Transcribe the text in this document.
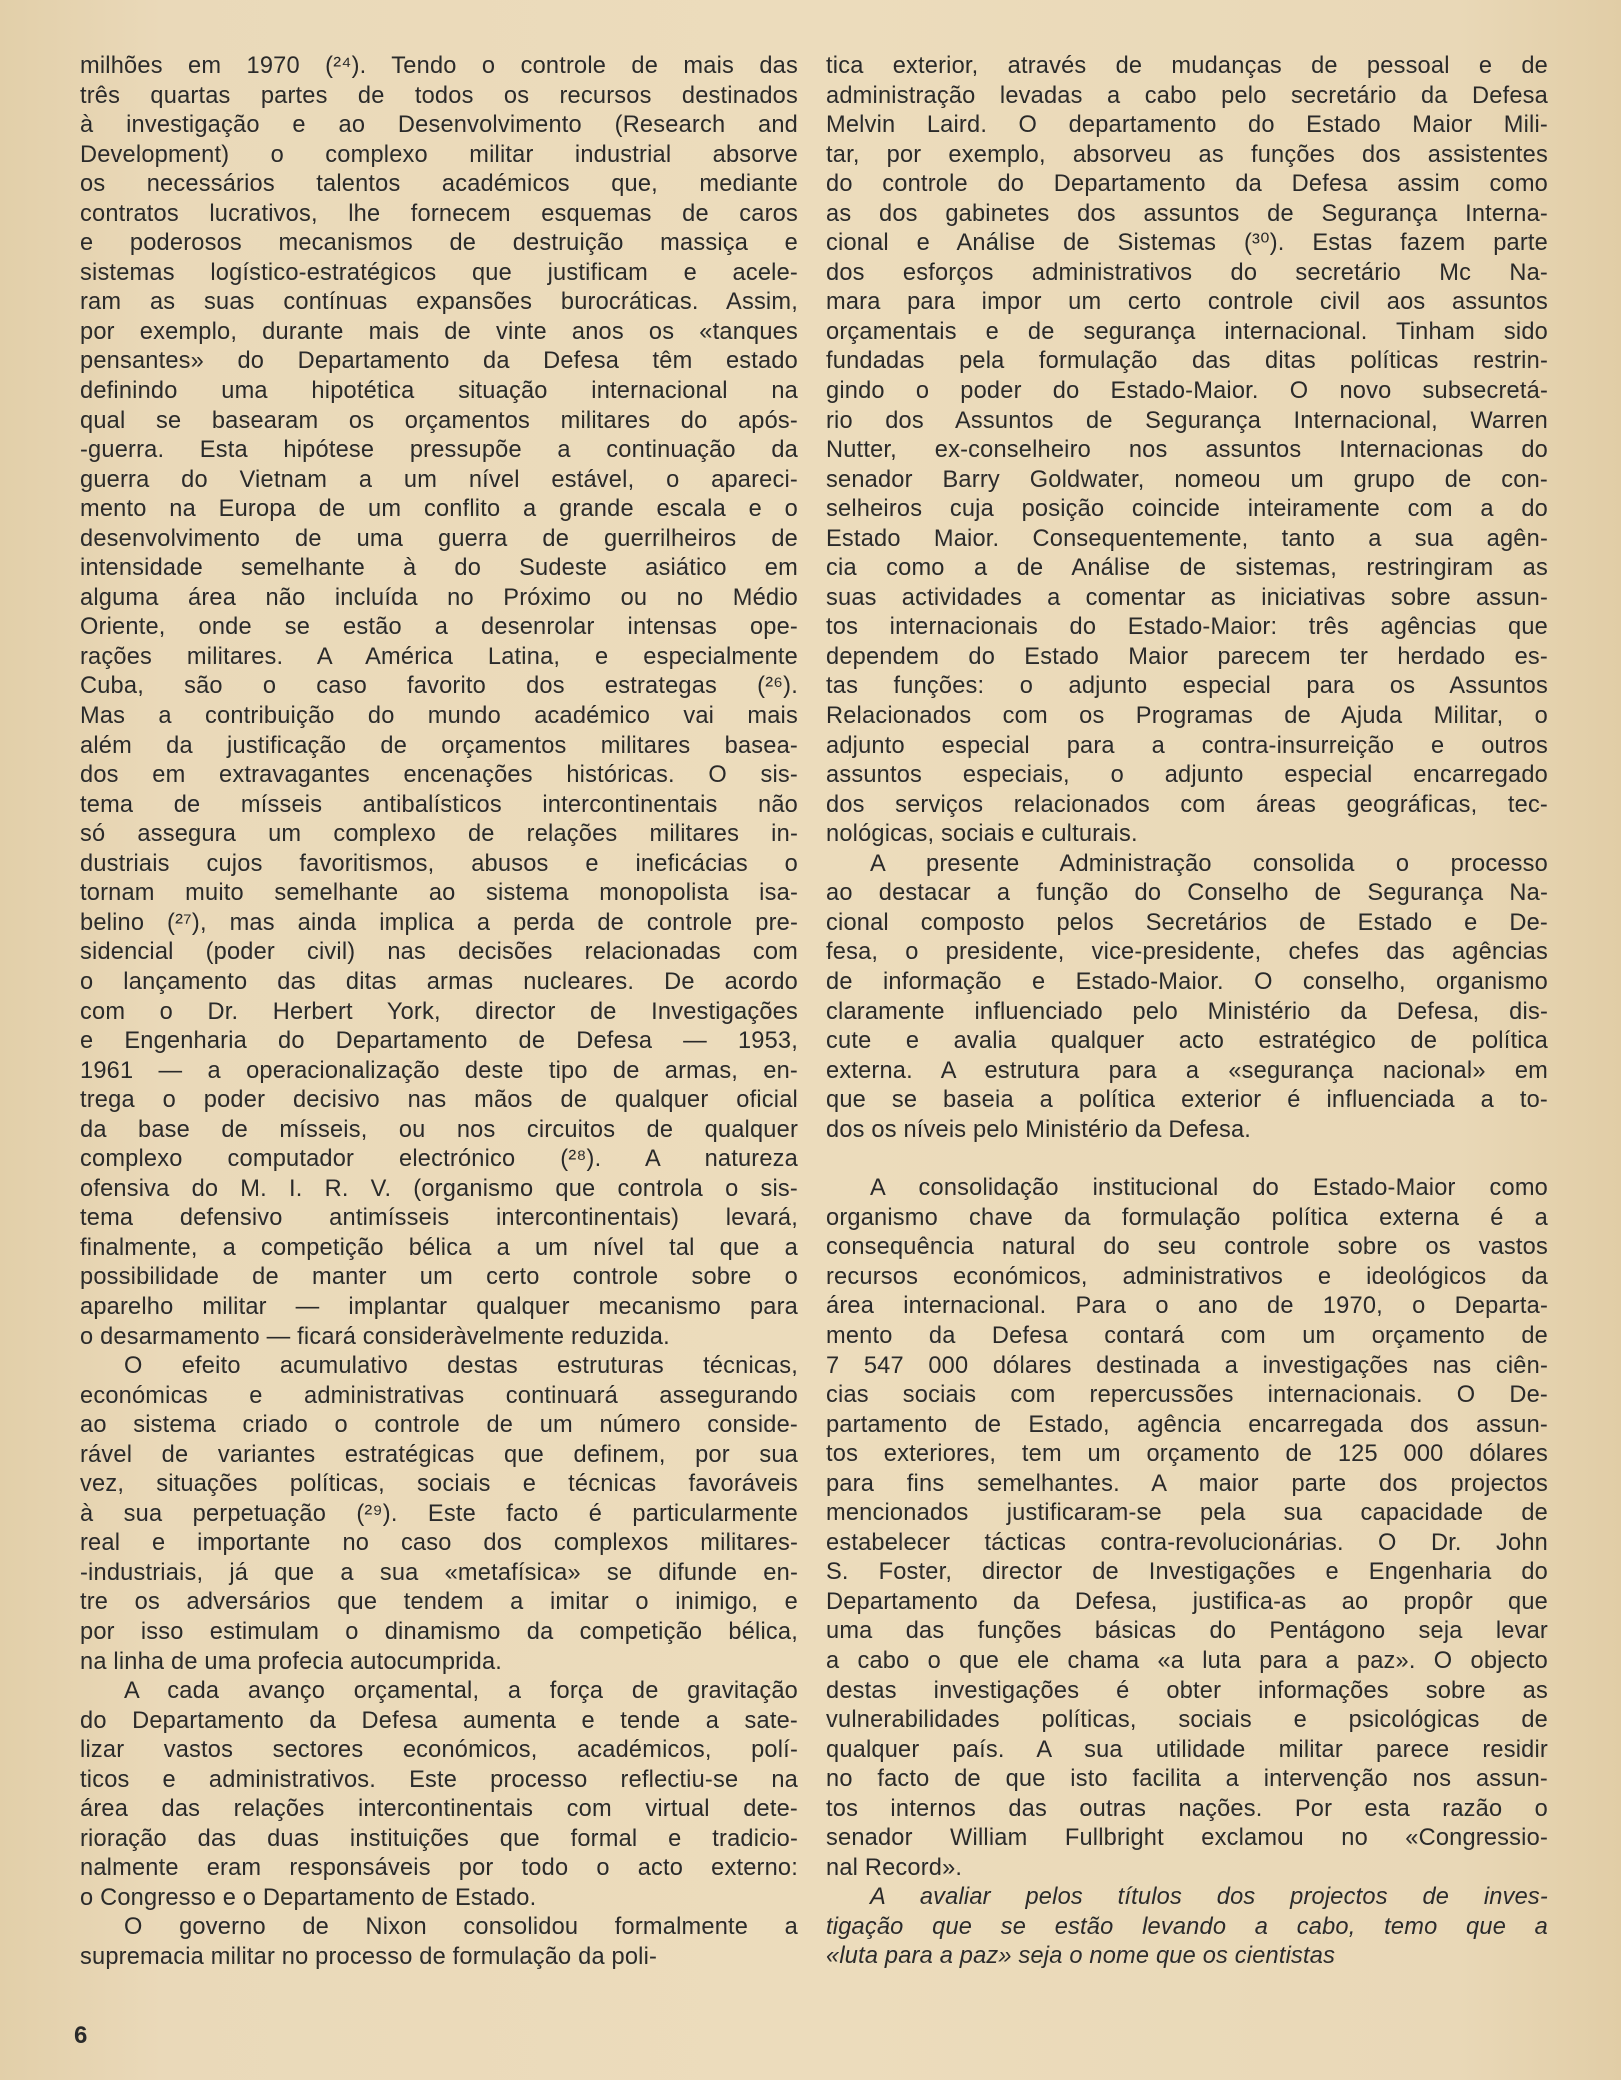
milhões em 1970 (²⁴). Tendo o controle de mais das

três quartas partes de todos os recursos destinados

à investigação e ao Desenvolvimento (Research and

Development) o complexo militar industrial absorve

os necessários talentos académicos que, mediante

contratos lucrativos, lhe fornecem esquemas de caros

e poderosos mecanismos de destruição massiça e

sistemas logístico-estratégicos que justificam e acele-

ram as suas contínuas expansões burocráticas. Assim,

por exemplo, durante mais de vinte anos os «tanques

pensantes» do Departamento da Defesa têm estado

definindo uma hipotética situação internacional na

qual se basearam os orçamentos militares do após-

-guerra. Esta hipótese pressupõe a continuação da

guerra do Vietnam a um nível estável, o apareci-

mento na Europa de um conflito a grande escala e o

desenvolvimento de uma guerra de guerrilheiros de

intensidade semelhante à do Sudeste asiático em

alguma área não incluída no Próximo ou no Médio

Oriente, onde se estão a desenrolar intensas ope-

rações militares. A América Latina, e especialmente

Cuba, são o caso favorito dos estrategas (²⁶).

Mas a contribuição do mundo académico vai mais

além da justificação de orçamentos militares basea-

dos em extravagantes encenações históricas. O sis-

tema de mísseis antibalísticos intercontinentais não

só assegura um complexo de relações militares in-

dustriais cujos favoritismos, abusos e ineficácias o

tornam muito semelhante ao sistema monopolista isa-

belino (²⁷), mas ainda implica a perda de controle pre-

sidencial (poder civil) nas decisões relacionadas com

o lançamento das ditas armas nucleares. De acordo

com o Dr. Herbert York, director de Investigações

e Engenharia do Departamento de Defesa — 1953,

1961 — a operacionalização deste tipo de armas, en-

trega o poder decisivo nas mãos de qualquer oficial

da base de mísseis, ou nos circuitos de qualquer

complexo computador electrónico (²⁸). A natureza

ofensiva do M. I. R. V. (organismo que controla o sis-

tema defensivo antimísseis intercontinentais) levará,

finalmente, a competição bélica a um nível tal que a

possibilidade de manter um certo controle sobre o

aparelho militar — implantar qualquer mecanismo para

o desarmamento — ficará consideràvelmente reduzida.

O efeito acumulativo destas estruturas técnicas,

económicas e administrativas continuará assegurando

ao sistema criado o controle de um número conside-

rável de variantes estratégicas que definem, por sua

vez, situações políticas, sociais e técnicas favoráveis

à sua perpetuação (²⁹). Este facto é particularmente

real e importante no caso dos complexos militares-

-industriais, já que a sua «metafísica» se difunde en-

tre os adversários que tendem a imitar o inimigo, e

por isso estimulam o dinamismo da competição bélica,

na linha de uma profecia autocumprida.

A cada avanço orçamental, a força de gravitação

do Departamento da Defesa aumenta e tende a sate-

lizar vastos sectores económicos, académicos, polí-

ticos e administrativos. Este processo reflectiu-se na

área das relações intercontinentais com virtual dete-

rioração das duas instituições que formal e tradicio-

nalmente eram responsáveis por todo o acto externo:

o Congresso e o Departamento de Estado.

O governo de Nixon consolidou formalmente a

supremacia militar no processo de formulação da poli-

tica exterior, através de mudanças de pessoal e de

administração levadas a cabo pelo secretário da Defesa

Melvin Laird. O departamento do Estado Maior Mili-

tar, por exemplo, absorveu as funções dos assistentes

do controle do Departamento da Defesa assim como

as dos gabinetes dos assuntos de Segurança Interna-

cional e Análise de Sistemas (³⁰). Estas fazem parte

dos esforços administrativos do secretário Mc Na-

mara para impor um certo controle civil aos assuntos

orçamentais e de segurança internacional. Tinham sido

fundadas pela formulação das ditas políticas restrin-

gindo o poder do Estado-Maior. O novo subsecretá-

rio dos Assuntos de Segurança Internacional, Warren

Nutter, ex-conselheiro nos assuntos Internacionas do

senador Barry Goldwater, nomeou um grupo de con-

selheiros cuja posição coincide inteiramente com a do

Estado Maior. Consequentemente, tanto a sua agên-

cia como a de Análise de sistemas, restringiram as

suas actividades a comentar as iniciativas sobre assun-

tos internacionais do Estado-Maior: três agências que

dependem do Estado Maior parecem ter herdado es-

tas funções: o adjunto especial para os Assuntos

Relacionados com os Programas de Ajuda Militar, o

adjunto especial para a contra-insurreição e outros

assuntos especiais, o adjunto especial encarregado

dos serviços relacionados com áreas geográficas, tec-

nológicas, sociais e culturais.

A presente Administração consolida o processo

ao destacar a função do Conselho de Segurança Na-

cional composto pelos Secretários de Estado e De-

fesa, o presidente, vice-presidente, chefes das agências

de informação e Estado-Maior. O conselho, organismo

claramente influenciado pelo Ministério da Defesa, dis-

cute e avalia qualquer acto estratégico de política

externa. A estrutura para a «segurança nacional» em

que se baseia a política exterior é influenciada a to-

dos os níveis pelo Ministério da Defesa.

A consolidação institucional do Estado-Maior como

organismo chave da formulação política externa é a

consequência natural do seu controle sobre os vastos

recursos económicos, administrativos e ideológicos da

área internacional. Para o ano de 1970, o Departa-

mento da Defesa contará com um orçamento de

7 547 000 dólares destinada a investigações nas ciên-

cias sociais com repercussões internacionais. O De-

partamento de Estado, agência encarregada dos assun-

tos exteriores, tem um orçamento de 125 000 dólares

para fins semelhantes. A maior parte dos projectos

mencionados justificaram-se pela sua capacidade de

estabelecer tácticas contra-revolucionárias. O Dr. John

S. Foster, director de Investigações e Engenharia do

Departamento da Defesa, justifica-as ao propôr que

uma das funções básicas do Pentágono seja levar

a cabo o que ele chama «a luta para a paz». O objecto

destas investigações é obter informações sobre as

vulnerabilidades políticas, sociais e psicológicas de

qualquer país. A sua utilidade militar parece residir

no facto de que isto facilita a intervenção nos assun-

tos internos das outras nações. Por esta razão o

senador William Fullbright exclamou no «Congressio-

nal Record».

A avaliar pelos títulos dos projectos de inves-

tigação que se estão levando a cabo, temo que a

«luta para a paz» seja o nome que os cientistas

6
